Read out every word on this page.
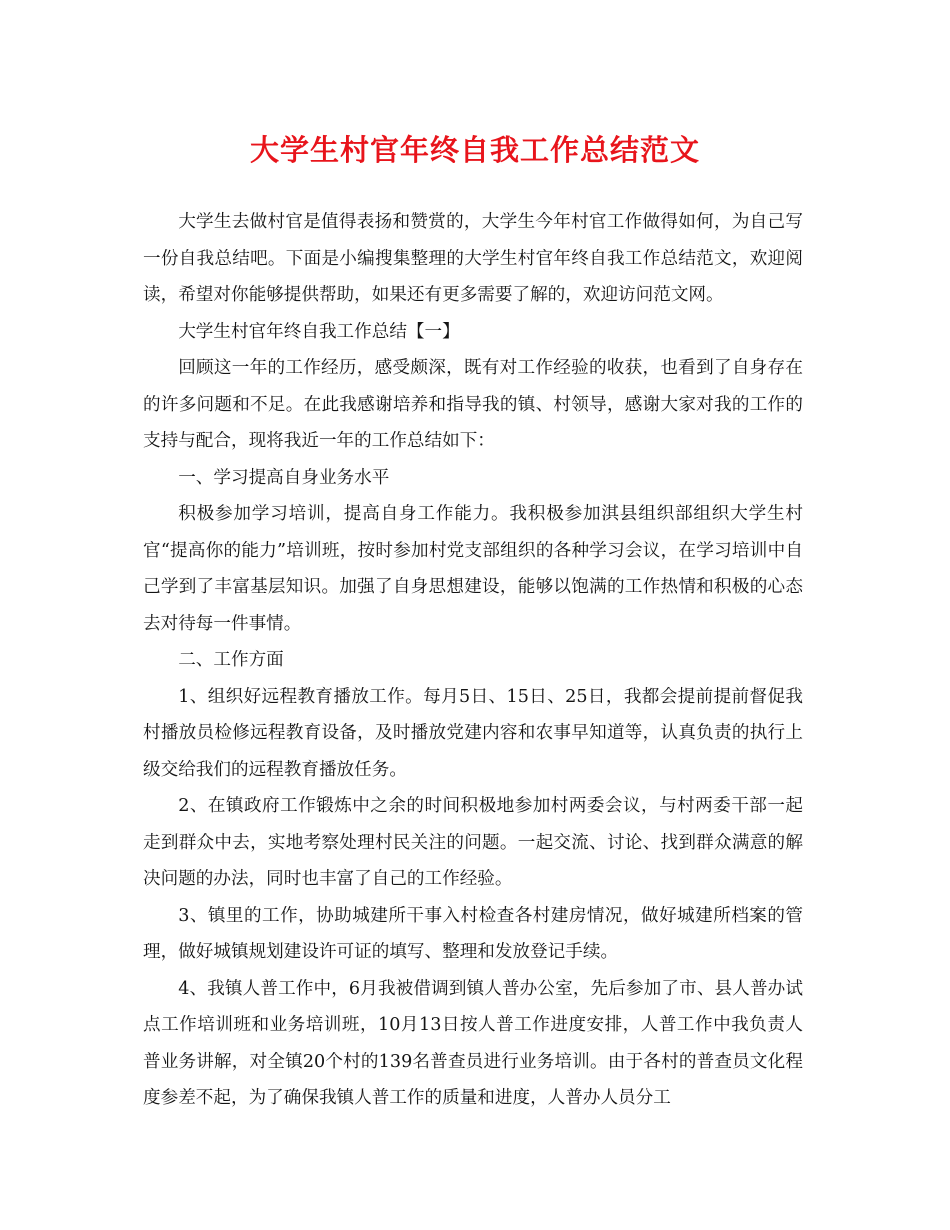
大学生村官年终自我工作总结范文

大学生去做村官是值得表扬和赞赏的，大学生今年村官工作做得如何，为自己写一份自我总结吧。下面是小编搜集整理的大学生村官年终自我工作总结范文，欢迎阅读，希望对你能够提供帮助，如果还有更多需要了解的，欢迎访问范文网。

大学生村官年终自我工作总结【一】

回顾这一年的工作经历，感受颇深，既有对工作经验的收获，也看到了自身存在的许多问题和不足。在此我感谢培养和指导我的镇、村领导，感谢大家对我的工作的支持与配合，现将我近一年的工作总结如下：

一、学习提高自身业务水平

积极参加学习培训，提高自身工作能力。我积极参加淇县组织部组织大学生村官“提高你的能力”培训班，按时参加村党支部组织的各种学习会议，在学习培训中自己学到了丰富基层知识。加强了自身思想建设，能够以饱满的工作热情和积极的心态去对待每一件事情。

二、工作方面

1、组织好远程教育播放工作。每月5日、15日、25日，我都会提前提前督促我村播放员检修远程教育设备，及时播放党建内容和农事早知道等，认真负责的执行上级交给我们的远程教育播放任务。

2、在镇政府工作锻炼中之余的时间积极地参加村两委会议，与村两委干部一起走到群众中去，实地考察处理村民关注的问题。一起交流、讨论、找到群众满意的解决问题的办法，同时也丰富了自己的工作经验。

3、镇里的工作，协助城建所干事入村检查各村建房情况，做好城建所档案的管理，做好城镇规划建设许可证的填写、整理和发放登记手续。

4、我镇人普工作中，6月我被借调到镇人普办公室，先后参加了市、县人普办试点工作培训班和业务培训班，10月13日按人普工作进度安排，人普工作中我负责人普业务讲解，对全镇20个村的139名普查员进行业务培训。由于各村的普查员文化程度参差不起，为了确保我镇人普工作的质量和进度，人普办人员分工
